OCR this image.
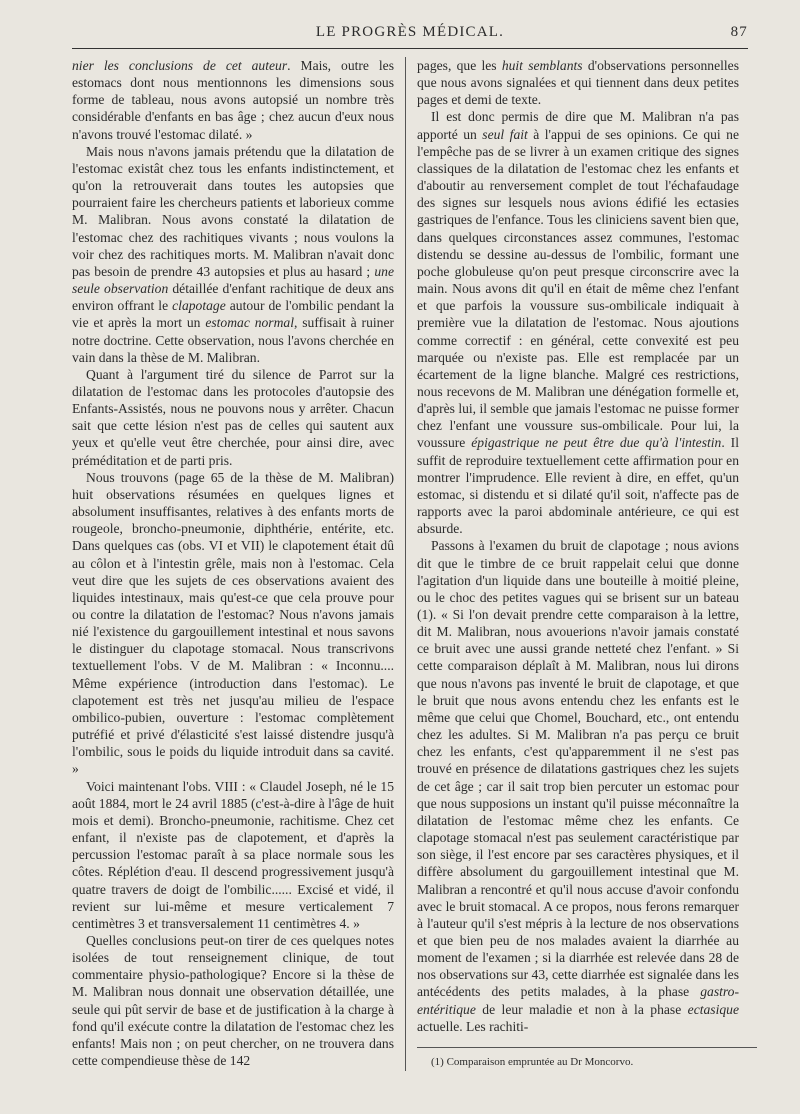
LE PROGRÈS MÉDICAL.	87

nier les conclusions de cet auteur. Mais, outre les estomacs dont nous mentionnons les dimensions sous forme de tableau, nous avons autopsié un nombre très considérable d'enfants en bas âge ; chez aucun d'eux nous n'avons trouvé l'estomac dilaté. »

Mais nous n'avons jamais prétendu que la dilatation de l'estomac existât chez tous les enfants indistinctement, et qu'on la retrouverait dans toutes les autopsies que pourraient faire les chercheurs patients et laborieux comme M. Malibran. Nous avons constaté la dilatation de l'estomac chez des rachitiques vivants ; nous voulons la voir chez des rachitiques morts. M. Malibran n'avait donc pas besoin de prendre 43 autopsies et plus au hasard ; une seule observation détaillée d'enfant rachitique de deux ans environ offrant le clapotage autour de l'ombilic pendant la vie et après la mort un estomac normal, suffisait à ruiner notre doctrine. Cette observation, nous l'avons cherchée en vain dans la thèse de M. Malibran.

Quant à l'argument tiré du silence de Parrot sur la dilatation de l'estomac dans les protocoles d'autopsie des Enfants-Assistés, nous ne pouvons nous y arrêter. Chacun sait que cette lésion n'est pas de celles qui sautent aux yeux et qu'elle veut être cherchée, pour ainsi dire, avec préméditation et de parti pris.

Nous trouvons (page 65 de la thèse de M. Malibran) huit observations résumées en quelques lignes et absolument insuffisantes, relatives à des enfants morts de rougeole, broncho-pneumonie, diphthérie, entérite, etc. Dans quelques cas (obs. VI et VII) le clapotement était dû au côlon et à l'intestin grêle, mais non à l'estomac. Cela veut dire que les sujets de ces observations avaient des liquides intestinaux, mais qu'est-ce que cela prouve pour ou contre la dilatation de l'estomac? Nous n'avons jamais nié l'existence du gargouillement intestinal et nous savons le distinguer du clapotage stomacal. Nous transcrivons textuellement l'obs. V de M. Malibran : « Inconnu.... Même expérience (introduction dans l'estomac). Le clapotement est très net jusqu'au milieu de l'espace ombilico-pubien, ouverture : l'estomac complètement putréfié et privé d'élasticité s'est laissé distendre jusqu'à l'ombilic, sous le poids du liquide introduit dans sa cavité. »

Voici maintenant l'obs. VIII : « Claudel Joseph, né le 15 août 1884, mort le 24 avril 1885 (c'est-à-dire à l'âge de huit mois et demi). Broncho-pneumonie, rachitisme. Chez cet enfant, il n'existe pas de clapotement, et d'après la percussion l'estomac paraît à sa place normale sous les côtes. Réplétion d'eau. Il descend progressivement jusqu'à quatre travers de doigt de l'ombilic...... Excisé et vidé, il revient sur lui-même et mesure verticalement 7 centimètres 3 et transversalement 11 centimètres 4. »

Quelles conclusions peut-on tirer de ces quelques notes isolées de tout renseignement clinique, de tout commentaire physio-pathologique? Encore si la thèse de M. Malibran nous donnait une observation détaillée, une seule qui pût servir de base et de justification à la charge à fond qu'il exécute contre la dilatation de l'estomac chez les enfants! Mais non ; on peut chercher, on ne trouvera dans cette compendieuse thèse de 142

pages, que les huit semblants d'observations personnelles que nous avons signalées et qui tiennent dans deux petites pages et demi de texte.

Il est donc permis de dire que M. Malibran n'a pas apporté un seul fait à l'appui de ses opinions. Ce qui ne l'empêche pas de se livrer à un examen critique des signes classiques de la dilatation de l'estomac chez les enfants et d'aboutir au renversement complet de tout l'échafaudage des signes sur lesquels nous avions édifié les ectasies gastriques de l'enfance. Tous les cliniciens savent bien que, dans quelques circonstances assez communes, l'estomac distendu se dessine au-dessus de l'ombilic, formant une poche globuleuse qu'on peut presque circonscrire avec la main. Nous avons dit qu'il en était de même chez l'enfant et que parfois la voussure sus-ombilicale indiquait à première vue la dilatation de l'estomac. Nous ajoutions comme correctif : en général, cette convexité est peu marquée ou n'existe pas. Elle est remplacée par un écartement de la ligne blanche. Malgré ces restrictions, nous recevons de M. Malibran une dénégation formelle et, d'après lui, il semble que jamais l'estomac ne puisse former chez l'enfant une voussure sus-ombilicale. Pour lui, la voussure épigastrique ne peut être due qu'à l'intestin. Il suffit de reproduire textuellement cette affirmation pour en montrer l'imprudence. Elle revient à dire, en effet, qu'un estomac, si distendu et si dilaté qu'il soit, n'affecte pas de rapports avec la paroi abdominale antérieure, ce qui est absurde.

Passons à l'examen du bruit de clapotage ; nous avions dit que le timbre de ce bruit rappelait celui que donne l'agitation d'un liquide dans une bouteille à moitié pleine, ou le choc des petites vagues qui se brisent sur un bateau (1). « Si l'on devait prendre cette comparaison à la lettre, dit M. Malibran, nous avouerions n'avoir jamais constaté ce bruit avec une aussi grande netteté chez l'enfant. » Si cette comparaison déplaît à M. Malibran, nous lui dirons que nous n'avons pas inventé le bruit de clapotage, et que le bruit que nous avons entendu chez les enfants est le même que celui que Chomel, Bouchard, etc., ont entendu chez les adultes. Si M. Malibran n'a pas perçu ce bruit chez les enfants, c'est qu'apparemment il ne s'est pas trouvé en présence de dilatations gastriques chez les sujets de cet âge ; car il sait trop bien percuter un estomac pour que nous supposions un instant qu'il puisse méconnaître la dilatation de l'estomac même chez les enfants. Ce clapotage stomacal n'est pas seulement caractéristique par son siège, il l'est encore par ses caractères physiques, et il diffère absolument du gargouillement intestinal que M. Malibran a rencontré et qu'il nous accuse d'avoir confondu avec le bruit stomacal. A ce propos, nous ferons remarquer à l'auteur qu'il s'est mépris à la lecture de nos observations et que bien peu de nos malades avaient la diarrhée au moment de l'examen ; si la diarrhée est relevée dans 28 de nos observations sur 43, cette diarrhée est signalée dans les antécédents des petits malades, à la phase gastro-entéritique de leur maladie et non à la phase ectasique actuelle. Les rachiti-

(1) Comparaison empruntée au Dr Moncorvo.
